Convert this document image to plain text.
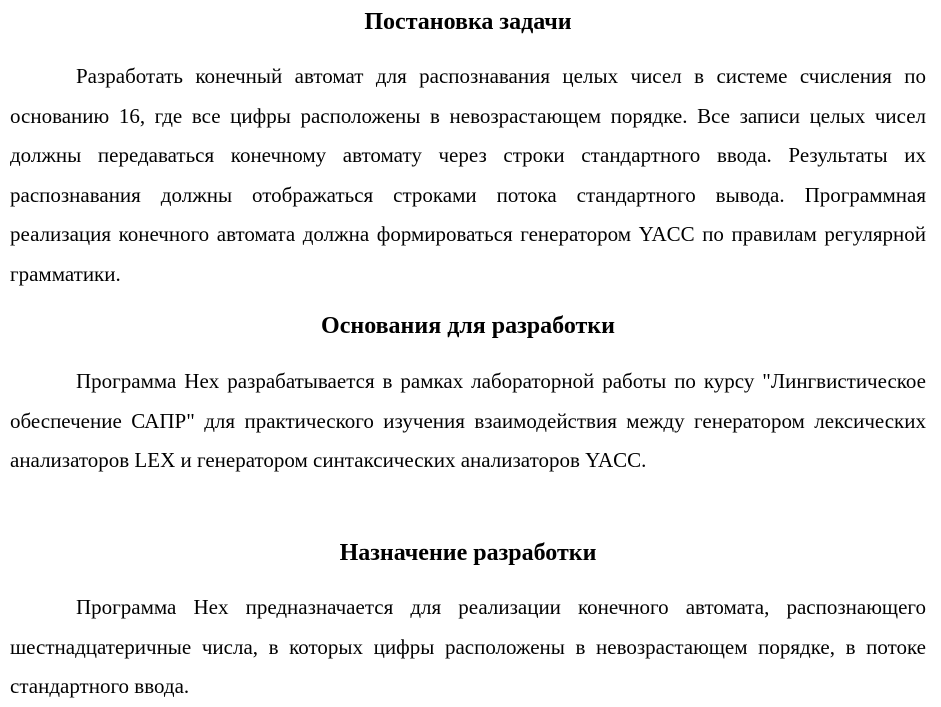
Постановка задачи

Разработать конечный автомат для распознавания целых чисел в системе счисления по основанию 16, где все цифры расположены в невозрастающем порядке. Все записи целых чисел должны передаваться конечному автомату через строки стандартного ввода. Результаты их распознавания должны отображаться строками потока стандартного вывода. Программная реализация конечного автомата должна формироваться генератором YACC по правилам регулярной грамматики.

Основания для разработки

Программа Hex разрабатывается в рамках лабораторной работы по курсу "Лингвистическое обеспечение САПР" для практического изучения взаимодействия между генератором лексических анализаторов LEX и генератором синтаксических анализаторов YACC.

Назначение разработки

Программа Hex предназначается для реализации конечного автомата, распознающего шестнадцатеричные числа, в которых цифры расположены в невозрастающем порядке, в потоке стандартного ввода.
